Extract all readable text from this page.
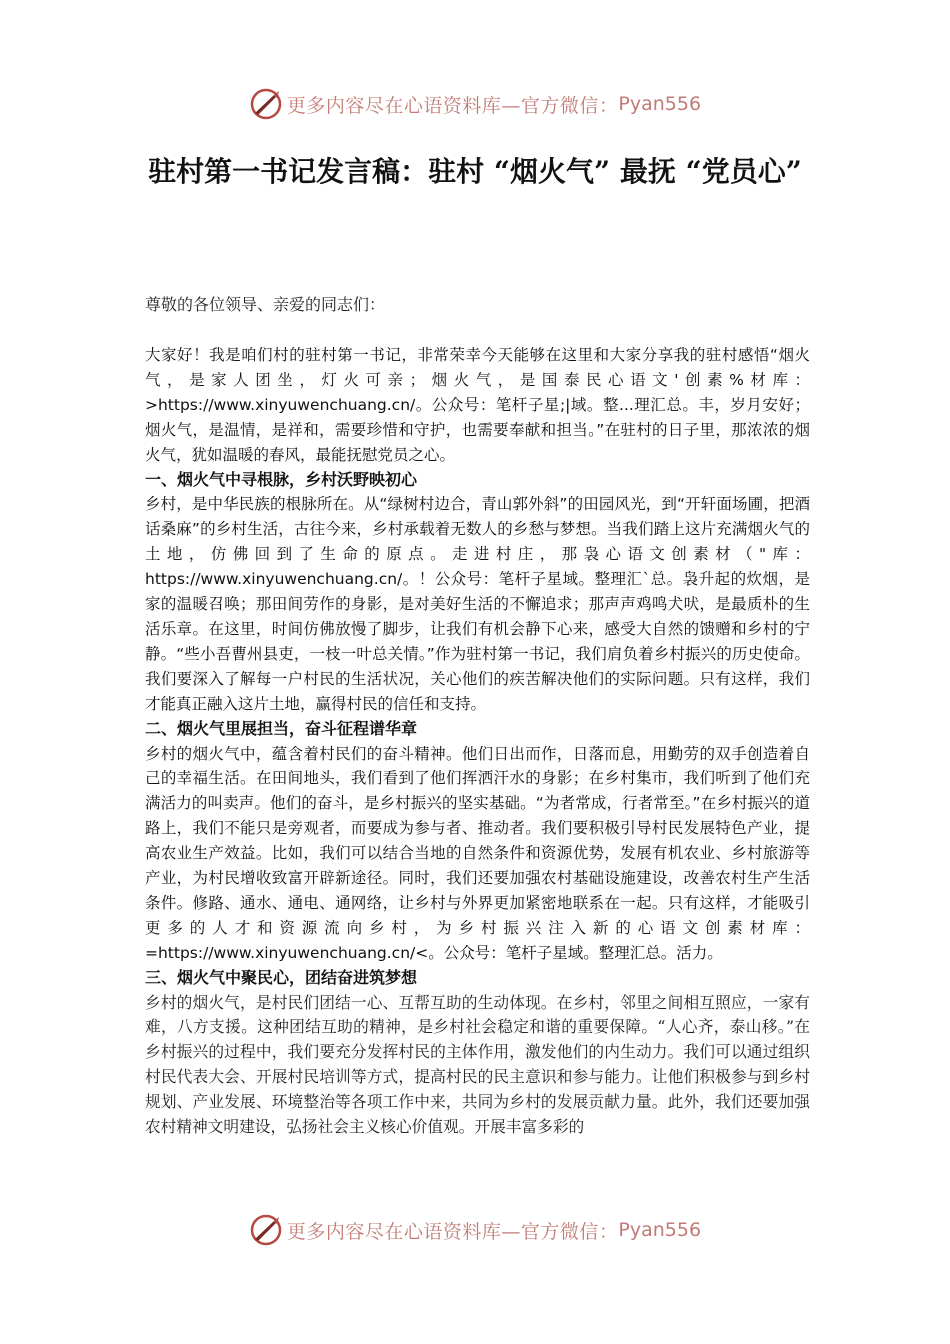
更多内容尽在心语资料库—官方微信： Pyan556
驻村第一书记发言稿：驻村 “烟火气” 最抚 “党员心”
尊敬的各位领导、亲爱的同志们：

大家好！我是咱们村的驻村第一书记，非常荣幸今天能够在这里和大家分享我的驻村感悟“烟火气，是家人团坐，灯火可亲；烟火气，是国泰民心语文'创素%材库：>https://www.xinyuwenchuang.cn/。公众号：笔杆子星;|域。整...理汇总。丰，岁月安好；烟火气，是温情，是祥和，需要珍惜和守护，也需要奉献和担当。”在驻村的日子里，那浓浓的烟火气，犹如温暖的春风，最能抚慰党员之心。

一、烟火气中寻根脉，乡村沃野映初心

乡村，是中华民族的根脉所在。从“绿树村边合，青山郭外斜”的田园风光，到“开轩面场圃，把酒话桑麻”的乡村生活，古往今来，乡村承载着无数人的乡愁与梦想。当我们踏上这片充满烟火气的土地，仿佛回到了生命的原点。走进村庄，那袅心语文创素材（"库：https://www.xinyuwenchuang.cn/。！公众号：笔杆子星域。整理汇`总。袅升起的炊烟，是家的温暖召唤；那田间劳作的身影，是对美好生活的不懈追求；那声声鸡鸣犬吠，是最质朴的生活乐章。在这里，时间仿佛放慢了脚步，让我们有机会静下心来，感受大自然的馈赠和乡村的宁静。“些小吾曹州县吏，一枝一叶总关情。”作为驻村第一书记，我们肩负着乡村振兴的历史使命。我们要深入了解每一户村民的生活状况，关心他们的疾苦解决他们的实际问题。只有这样，我们才能真正融入这片土地，赢得村民的信任和支持。

二、烟火气里展担当，奋斗征程谱华章

乡村的烟火气中，蕴含着村民们的奋斗精神。他们日出而作，日落而息，用勤劳的双手创造着自己的幸福生活。在田间地头，我们看到了他们挥洒汗水的身影；在乡村集市，我们听到了他们充满活力的叫卖声。他们的奋斗，是乡村振兴的坚实基础。“为者常成，行者常至。”在乡村振兴的道路上，我们不能只是旁观者，而要成为参与者、推动者。我们要积极引导村民发展特色产业，提高农业生产效益。比如，我们可以结合当地的自然条件和资源优势，发展有机农业、乡村旅游等产业，为村民增收致富开辟新途径。同时，我们还要加强农村基础设施建设，改善农村生产生活条件。修路、通水、通电、通网络，让乡村与外界更加紧密地联系在一起。只有这样，才能吸引更多的人才和资源流向乡村，为乡村振兴注入新的心语文创素材库：=https://www.xinyuwenchuang.cn/<。公众号：笔杆子星域。整理汇总。活力。

三、烟火气中聚民心，团结奋进筑梦想

乡村的烟火气，是村民们团结一心、互帮互助的生动体现。在乡村，邻里之间相互照应，一家有难，八方支援。这种团结互助的精神，是乡村社会稳定和谐的重要保障。“人心齐，泰山移。”在乡村振兴的过程中，我们要充分发挥村民的主体作用，激发他们的内生动力。我们可以通过组织村民代表大会、开展村民培训等方式，提高村民的民主意识和参与能力。让他们积极参与到乡村规划、产业发展、环境整治等各项工作中来，共同为乡村的发展贡献力量。此外，我们还要加强农村精神文明建设，弘扬社会主义核心价值观。开展丰富多彩的

更多内容尽在心语资料库—官方微信： Pyan556
